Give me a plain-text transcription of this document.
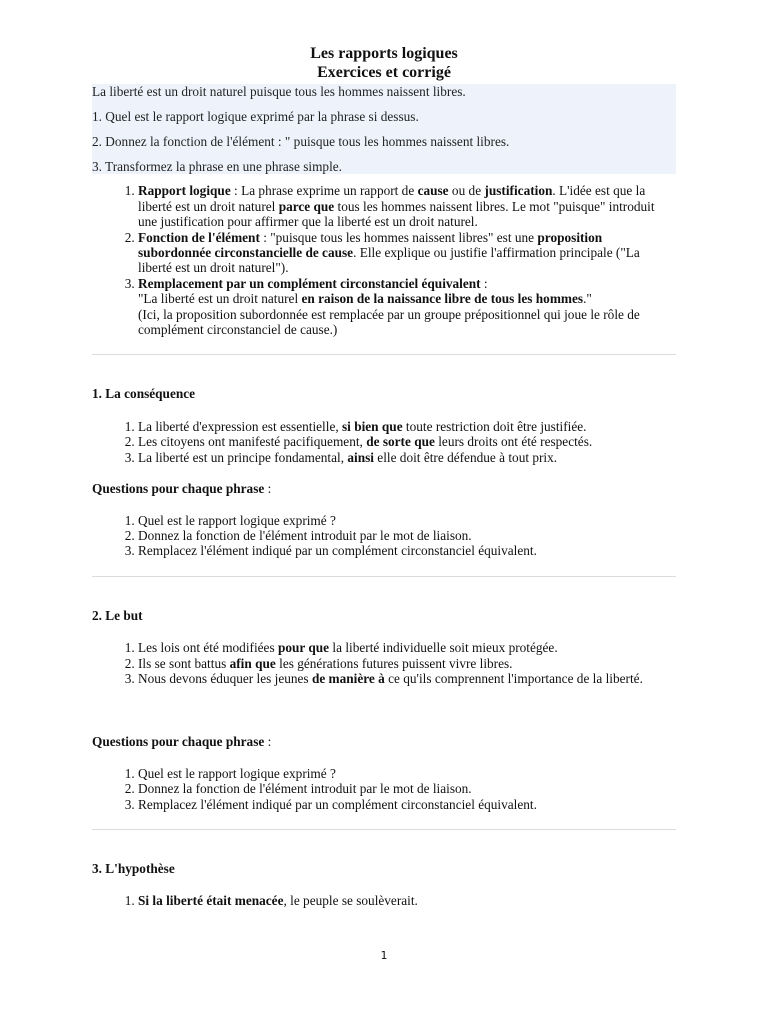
Les rapports logiques

Exercices et corrigé

La liberté est un droit naturel puisque tous les hommes naissent libres.

1. Quel est le rapport logique exprimé par la phrase si dessus.

2. Donnez la fonction de l'élément : " puisque tous les hommes naissent libres.

3. Transformez la phrase en une phrase simple.

1. Rapport logique : La phrase exprime un rapport de cause ou de justification. L'idée est que la liberté est un droit naturel parce que tous les hommes naissent libres. Le mot "puisque" introduit une justification pour affirmer que la liberté est un droit naturel.
2. Fonction de l'élément : "puisque tous les hommes naissent libres" est une proposition subordonnée circonstancielle de cause. Elle explique ou justifie l'affirmation principale ("La liberté est un droit naturel").
3. Remplacement par un complément circonstanciel équivalent :
"La liberté est un droit naturel en raison de la naissance libre de tous les hommes."
(Ici, la proposition subordonnée est remplacée par un groupe prépositionnel qui joue le rôle de complément circonstanciel de cause.)
1. La conséquence
1. La liberté d'expression est essentielle, si bien que toute restriction doit être justifiée.
2. Les citoyens ont manifesté pacifiquement, de sorte que leurs droits ont été respectés.
3. La liberté est un principe fondamental, ainsi elle doit être défendue à tout prix.

Questions pour chaque phrase :

1. Quel est le rapport logique exprimé ?
2. Donnez la fonction de l'élément introduit par le mot de liaison.
3. Remplacez l'élément indiqué par un complément circonstanciel équivalent.
2. Le but
1. Les lois ont été modifiées pour que la liberté individuelle soit mieux protégée.
2. Ils se sont battus afin que les générations futures puissent vivre libres.
3. Nous devons éduquer les jeunes de manière à ce qu'ils comprennent l'importance de la liberté.

Questions pour chaque phrase :

1. Quel est le rapport logique exprimé ?
2. Donnez la fonction de l'élément introduit par le mot de liaison.
3. Remplacez l'élément indiqué par un complément circonstanciel équivalent.
3. L'hypothèse
1. Si la liberté était menacée, le peuple se soulèverait.
1
